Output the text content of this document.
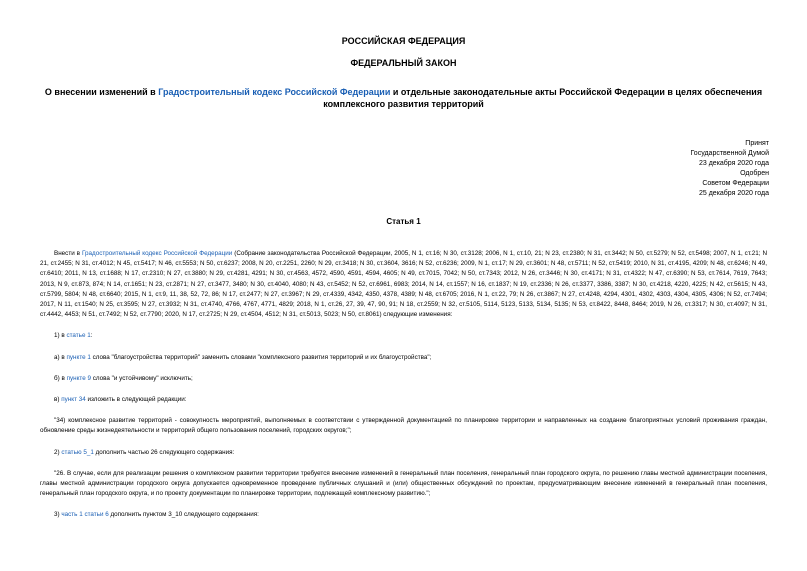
РОССИЙСКАЯ ФЕДЕРАЦИЯ
ФЕДЕРАЛЬНЫЙ ЗАКОН
О внесении изменений в Градостроительный кодекс Российской Федерации и отдельные законодательные акты Российской Федерации в целях обеспечения комплексного развития территорий
Принят
Государственной Думой
23 декабря 2020 года
Одобрен
Советом Федерации
25 декабря 2020 года
Статья 1

Внести в Градостроительный кодекс Российской Федерации (Собрание законодательства Российской Федерации, 2005, N 1, ст.16; N 30, ст.3128; 2006, N 1, ст.10, 21; N 23, ст.2380; N 31, ст.3442; N 50, ст.5279; N 52, ст.5498; 2007, N 1, ст.21; N 21, ст.2455; N 31, ст.4012; N 45, ст.5417; N 46, ст.5553; N 50, ст.6237; 2008, N 20, ст.2251, 2260; N 29, ст.3418; N 30, ст.3604, 3616; N 52, ст.6236; 2009, N 1, ст.17; N 29, ст.3601; N 48, ст.5711; N 52, ст.5419; 2010, N 31, ст.4195, 4209; N 48, ст.6246; N 49, ст.6410; 2011, N 13, ст.1688; N 17, ст.2310; N 27, ст.3880; N 29, ст.4281, 4291; N 30, ст.4563, 4572, 4590, 4591, 4594, 4605; N 49, ст.7015, 7042; N 50, ст.7343; 2012, N 26, ст.3446; N 30, ст.4171; N 31, ст.4322; N 47, ст.6390; N 53, ст.7614, 7619, 7643; 2013, N 9, ст.873, 874; N 14, ст.1651; N 23, ст.2871; N 27, ст.3477, 3480; N 30, ст.4040, 4080; N 43, ст.5452; N 52, ст.6961, 6983; 2014, N 14, ст.1557; N 16, ст.1837; N 19, ст.2336; N 26, ст.3377, 3386, 3387; N 30, ст.4218, 4220, 4225; N 42, ст.5615; N 43, ст.5799, 5804; N 48, ст.6640; 2015, N 1, ст.9, 11, 38, 52, 72, 86; N 17, ст.2477; N 27, ст.3967; N 29, ст.4339, 4342, 4350, 4378, 4389; N 48, ст.6705; 2016, N 1, ст.22, 79; N 26, ст.3867; N 27, ст.4248, 4294, 4301, 4302, 4303, 4304, 4305, 4306; N 52, ст.7494; 2017, N 11, ст.1540; N 25, ст.3595; N 27, ст.3932; N 31, ст.4740, 4766, 4767, 4771, 4829; 2018, N 1, ст.26, 27, 39, 47, 90, 91; N 18, ст.2559; N 32, ст.5105, 5114, 5123, 5133, 5134, 5135; N 53, ст.8422, 8448, 8464; 2019, N 26, ст.3317; N 30, ст.4097; N 31, ст.4442, 4453; N 51, ст.7492; N 52, ст.7790; 2020, N 17, ст.2725; N 29, ст.4504, 4512; N 31, ст.5013, 5023; N 50, ст.8061) следующие изменения:

1) в статье 1:

а) в пункте 1 слова "благоустройства территорий" заменить словами "комплексного развития территорий и их благоустройства";

б) в пункте 9 слова "и устойчивому" исключить;

в) пункт 34 изложить в следующей редакции:

"34) комплексное развитие территорий - совокупность мероприятий, выполняемых в соответствии с утвержденной документацией по планировке территории и направленных на создание благоприятных условий проживания граждан, обновление среды жизнедеятельности и территорий общего пользования поселений, городских округов;";

2) статью 5_1 дополнить частью 26 следующего содержания:

"26. В случае, если для реализации решения о комплексном развитии территории требуется внесение изменений в генеральный план поселения, генеральный план городского округа, по решению главы местной администрации поселения, главы местной администрации городского округа допускается одновременное проведение публичных слушаний и (или) общественных обсуждений по проектам, предусматривающим внесение изменений в генеральный план поселения, генеральный план городского округа, и по проекту документации по планировке территории, подлежащей комплексному развитию.";

3) часть 1 статьи 6 дополнить пунктом 3_10 следующего содержания:
